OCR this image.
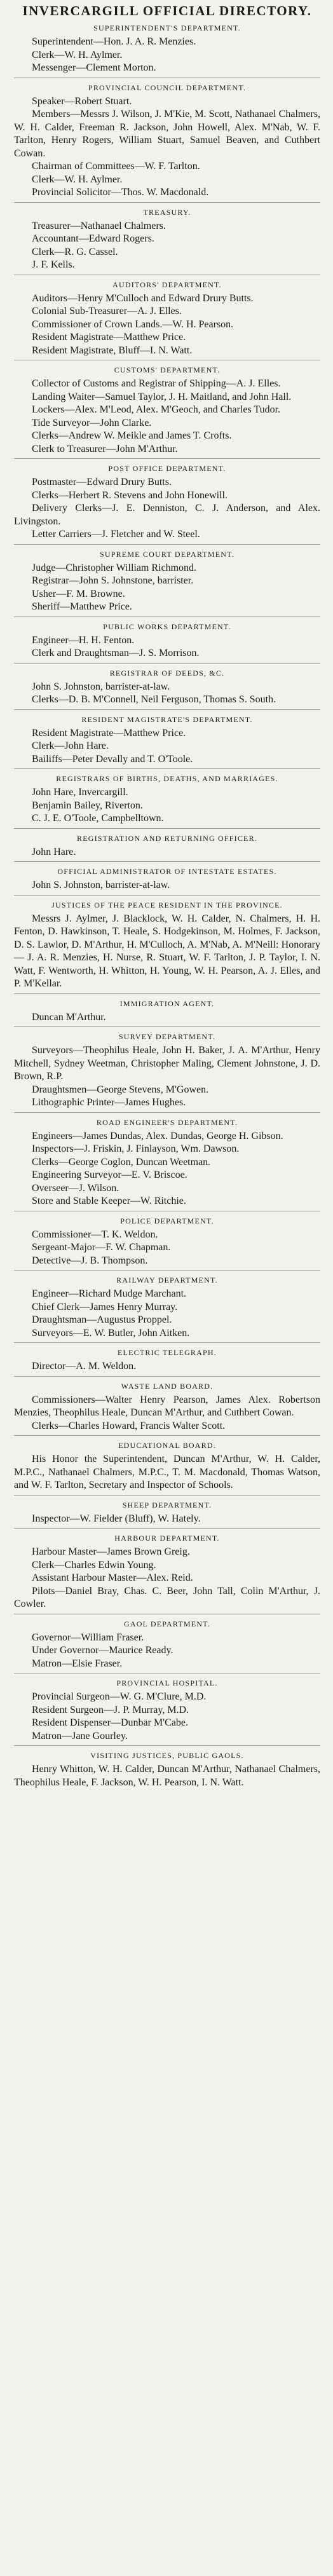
INVERCARGILL OFFICIAL DIRECTORY.
SUPERINTENDENT'S DEPARTMENT.

Superintendent—Hon. J. A. R. Menzies.

Clerk—W. H. Aylmer.

Messenger—Clement Morton.

PROVINCIAL COUNCIL DEPARTMENT.

Speaker—Robert Stuart.

Members—Messrs J. Wilson, J. M'Kie, M. Scott, Nathanael Chalmers, W. H. Calder, Freeman R. Jackson, John Howell, Alex. M'Nab, W. F. Tarlton, Henry Rogers, William Stuart, Samuel Beaven, and Cuthbert Cowan.

Chairman of Committees—W. F. Tarlton.

Clerk—W. H. Aylmer.

Provincial Solicitor—Thos. W. Macdonald.

TREASURY.

Treasurer—Nathanael Chalmers.

Accountant—Edward Rogers.

Clerk—R. G. Cassel.

J. F. Kells.

AUDITORS' DEPARTMENT.

Auditors—Henry M'Culloch and Edward Drury Butts.

Colonial Sub-Treasurer—A. J. Elles.

Commissioner of Crown Lands.—W. H. Pearson.

Resident Magistrate—Matthew Price.

Resident Magistrate, Bluff—I. N. Watt.

CUSTOMS' DEPARTMENT.

Collector of Customs and Registrar of Shipping—A. J. Elles.

Landing Waiter—Samuel Taylor, J. H. Maitland, and John Hall.

Lockers—Alex. M'Leod, Alex. M'Geoch, and Charles Tudor.

Tide Surveyor—John Clarke.

Clerks—Andrew W. Meikle and James T. Crofts.

Clerk to Treasurer—John M'Arthur.

POST OFFICE DEPARTMENT.

Postmaster—Edward Drury Butts.

Clerks—Herbert R. Stevens and John Honewill.

Delivery Clerks—J. E. Denniston, C. J. Anderson, and Alex. Livingston.

Letter Carriers—J. Fletcher and W. Steel.

SUPREME COURT DEPARTMENT.

Judge—Christopher William Richmond.

Registrar—John S. Johnstone, barrister.

Usher—F. M. Browne.

Sheriff—Matthew Price.

PUBLIC WORKS DEPARTMENT.

Engineer—H. H. Fenton.

Clerk and Draughtsman—J. S. Morrison.

REGISTRAR OF DEEDS, &C.

John S. Johnston, barrister-at-law.

Clerks—D. B. M'Connell, Neil Ferguson, Thomas S. South.

RESIDENT MAGISTRATE'S DEPARTMENT.

Resident Magistrate—Matthew Price.

Clerk—John Hare.

Bailiffs—Peter Devally and T. O'Toole.

REGISTRARS OF BIRTHS, DEATHS, AND MARRIAGES.

John Hare, Invercargill.

Benjamin Bailey, Riverton.

C. J. E. O'Toole, Campbelltown.

REGISTRATION AND RETURNING OFFICER.

John Hare.

OFFICIAL ADMINISTRATOR OF INTESTATE ESTATES.

John S. Johnston, barrister-at-law.

JUSTICES OF THE PEACE RESIDENT IN THE PROVINCE.

Messrs J. Aylmer, J. Blacklock, W. H. Calder, N. Chalmers, H. H. Fenton, D. Hawkinson, T. Heale, S. Hodgekinson, M. Holmes, F. Jackson, D. S. Lawlor, D. M'Arthur, H. M'Culloch, A. M'Nab, A. M'Neill: Honorary — J. A. R. Menzies, H. Nurse, R. Stuart, W. F. Tarlton, J. P. Taylor, I. N. Watt, F. Wentworth, H. Whitton, H. Young, W. H. Pearson, A. J. Elles, and P. M'Kellar.

IMMIGRATION AGENT.

Duncan M'Arthur.

SURVEY DEPARTMENT.

Surveyors—Theophilus Heale, John H. Baker, J. A. M'Arthur, Henry Mitchell, Sydney Weetman, Christopher Maling, Clement Johnstone, J. D. Brown, R.P.

Draughtsmen—George Stevens, M'Gowen.

Lithographic Printer—James Hughes.

ROAD ENGINEER'S DEPARTMENT.

Engineers—James Dundas, Alex. Dundas, George H. Gibson.

Inspectors—J. Friskin, J. Finlayson, Wm. Dawson.

Clerks—George Coglon, Duncan Weetman.

Engineering Surveyor—E. V. Briscoe.

Overseer—J. Wilson.

Store and Stable Keeper—W. Ritchie.

POLICE DEPARTMENT.

Commissioner—T. K. Weldon.

Sergeant-Major—F. W. Chapman.

Detective—J. B. Thompson.

RAILWAY DEPARTMENT.

Engineer—Richard Mudge Marchant.

Chief Clerk—James Henry Murray.

Draughtsman—Augustus Proppel.

Surveyors—E. W. Butler, John Aitken.

ELECTRIC TELEGRAPH.

Director—A. M. Weldon.

WASTE LAND BOARD.

Commissioners—Walter Henry Pearson, James Alex. Robertson Menzies, Theophilus Heale, Duncan M'Arthur, and Cuthbert Cowan.

Clerks—Charles Howard, Francis Walter Scott.

EDUCATIONAL BOARD.

His Honor the Superintendent, Duncan M'Arthur, W. H. Calder, M.P.C., Nathanael Chalmers, M.P.C., T. M. Macdonald, Thomas Watson, and W. F. Tarlton, Secretary and Inspector of Schools.

SHEEP DEPARTMENT.

Inspector—W. Fielder (Bluff), W. Hately.

HARBOUR DEPARTMENT.

Harbour Master—James Brown Greig.

Clerk—Charles Edwin Young.

Assistant Harbour Master—Alex. Reid.

Pilots—Daniel Bray, Chas. C. Beer, John Tall, Colin M'Arthur, J. Cowler.

GAOL DEPARTMENT.

Governor—William Fraser.

Under Governor—Maurice Ready.

Matron—Elsie Fraser.

PROVINCIAL HOSPITAL.

Provincial Surgeon—W. G. M'Clure, M.D.

Resident Surgeon—J. P. Murray, M.D.

Resident Dispenser—Dunbar M'Cabe.

Matron—Jane Gourley.

VISITING JUSTICES, PUBLIC GAOLS.

Henry Whitton, W. H. Calder, Duncan M'Arthur, Nathanael Chalmers, Theophilus Heale, F. Jackson, W. H. Pearson, I. N. Watt.
